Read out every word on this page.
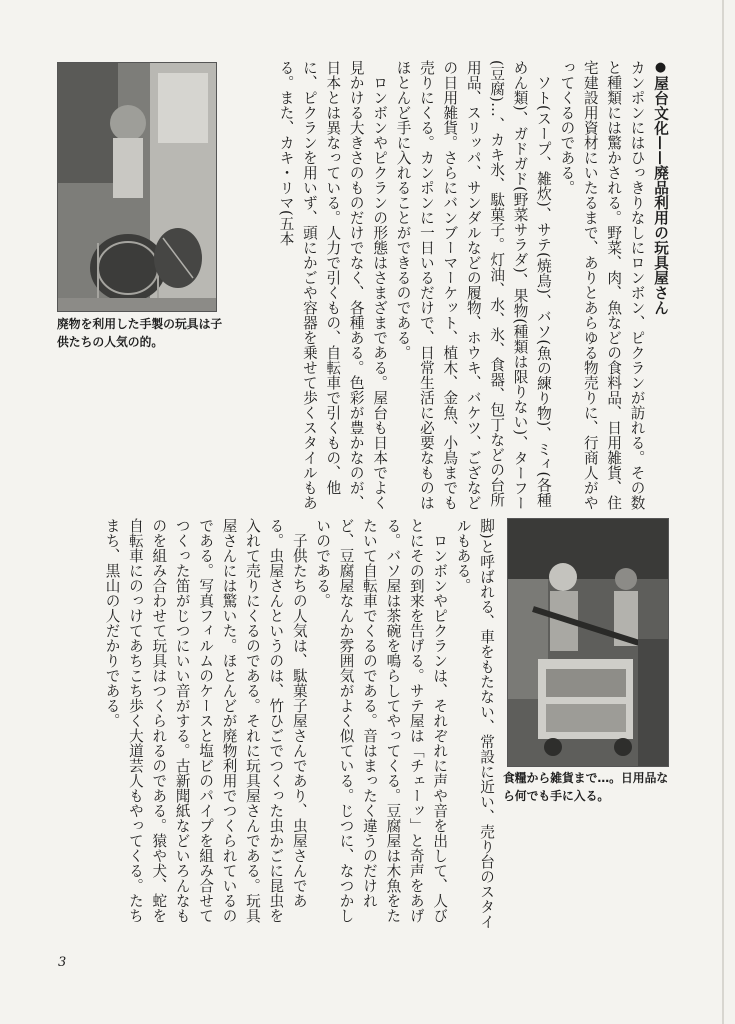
廃物を利用した手製の玩具は子供たちの人気の的。

●屋台文化——廃品利用の玩具屋さん

カンポンにはひっきりなしにロンボン、ピクランが訪れる。その数と種類には驚かされる。野菜、肉、魚などの食料品、日用雑貨、住宅建設用資材にいたるまで、ありとあらゆる物売りに、行商人がやってくるのである。

ソト(スープ、雑炊)、サテ(焼鳥)、バソ(魚の練り物)、ミィ(各種めん類)、ガドガド(野菜サラダ)、果物(種類は限りない)、ターフー(豆腐)…、カキ氷、駄菓子。灯油、水、氷、食器、包丁などの台所用品、スリッパ、サンダルなどの履物、ホウキ、バケツ、ござなどの日用雑貨。さらにバンブーマーケット、植木、金魚、小鳥までも売りにくる。カンポンに一日いるだけで、日常生活に必要なものはほとんど手に入れることができるのである。

ロンボンやピクランの形態はさまざまである。屋台も日本でよく見かける大きさのものだけでなく、各種ある。色彩が豊かなのが、日本とは異なっている。人力で引くもの、自転車で引くもの、他に、ピクランを用いず、頭にかごや容器を乗せて歩くスタイルもある。また、カキ・リマ(五本

食糧から雑貨まで…。日用品なら何でも手に入る。

脚)と呼ばれる、車をもたない、常設に近い、売り台のスタイルもある。

ロンボンやピクランは、それぞれに声や音を出して、人びとにその到来を告げる。サテ屋は「チェーッ」と奇声をあげる。バソ屋は茶碗を鳴らしてやってくる。豆腐屋は木魚をたたいて自転車でくるのである。音はまったく違うのだけれど、豆腐屋なんか雰囲気がよく似ている。じつに、なつかしいのである。

子供たちの人気は、駄菓子屋さんであり、虫屋さんである。虫屋さんというのは、竹ひごでつくった虫かごに昆虫を入れて売りにくるのである。それに玩具屋さんである。玩具屋さんには驚いた。ほとんどが廃物利用でつくられているのである。写真フィルムのケースと塩ビのパイプを組み合せてつくった笛がじつにいい音がする。古新聞紙などいろんなものを組み合わせて玩具はつくられるのである。猿や犬、蛇を自転車にのっけてあちこち歩く大道芸人もやってくる。たちまち、黒山の人だかりである。

3
